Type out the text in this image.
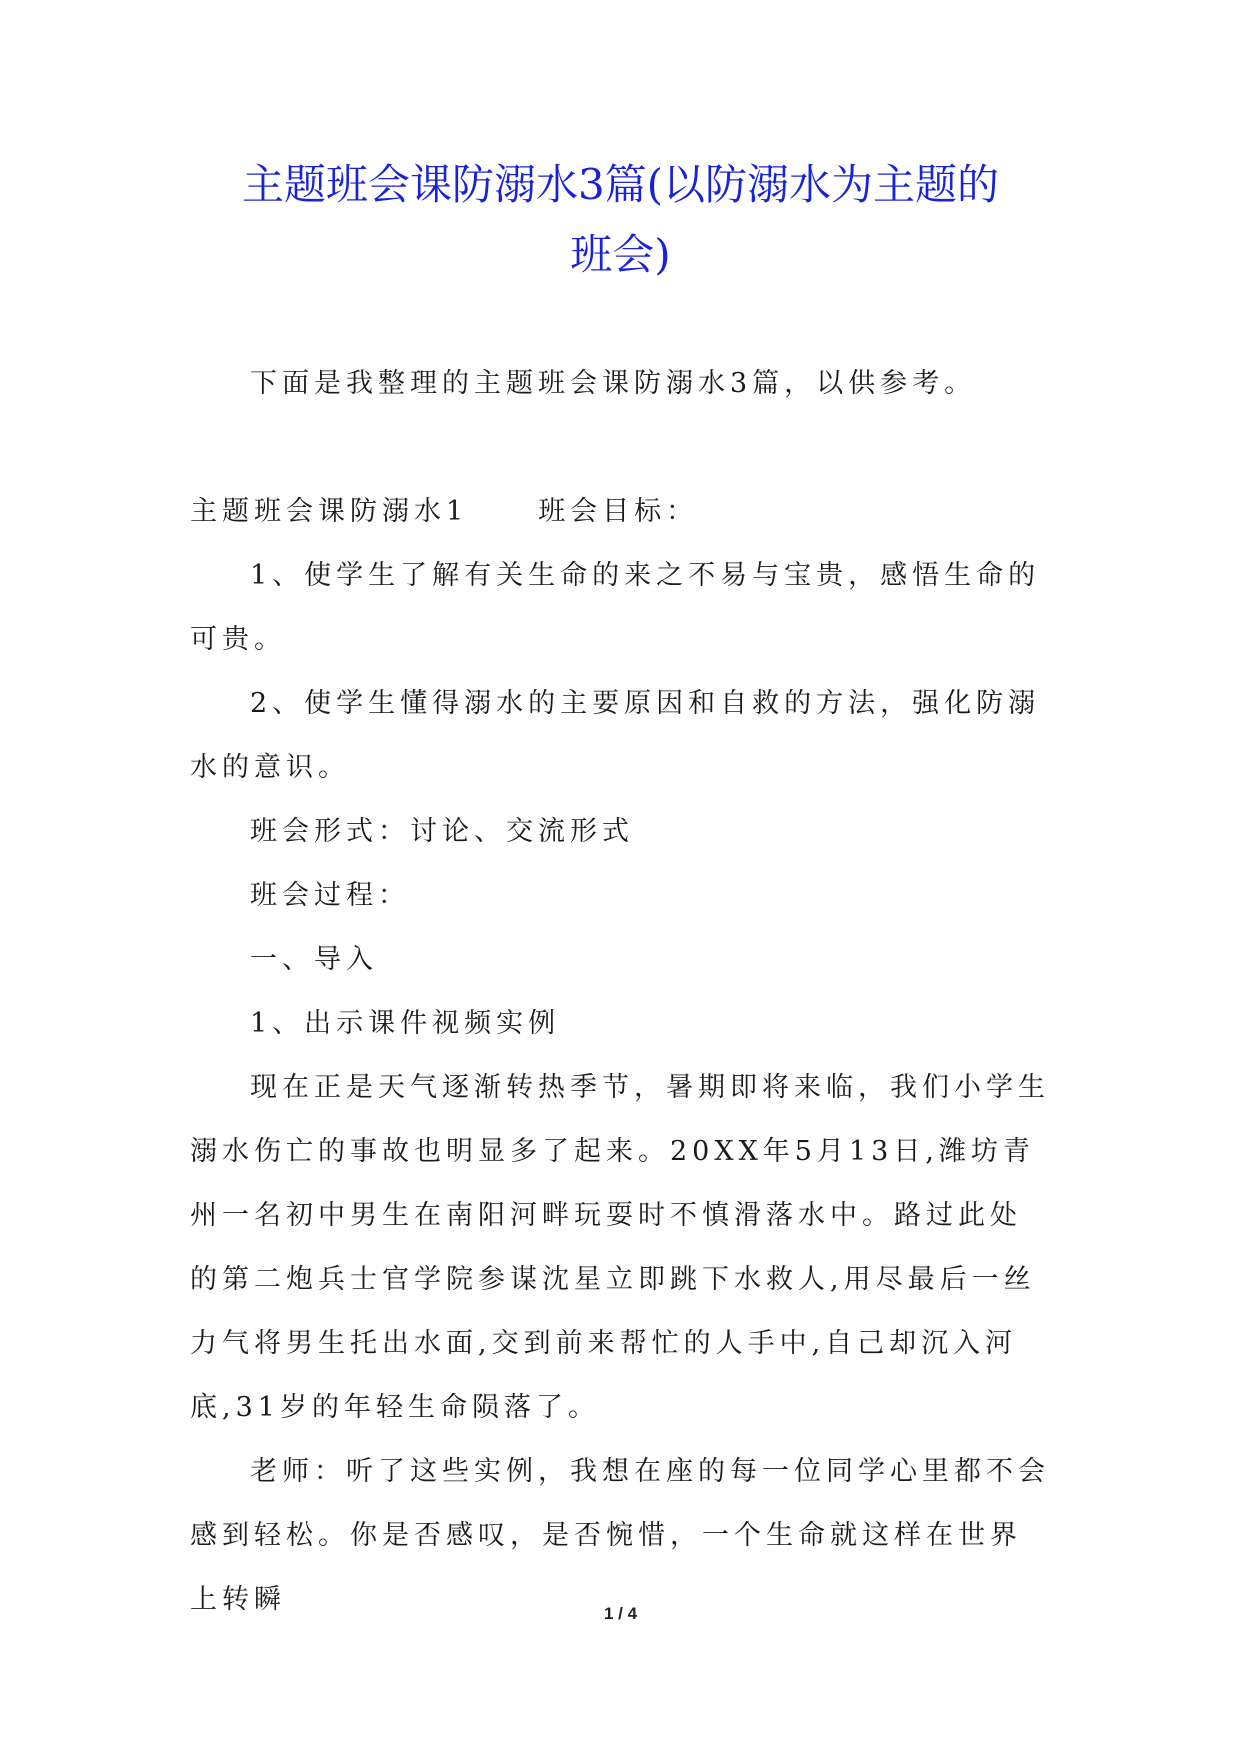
主题班会课防溺水3篇(以防溺水为主题的
班会)

下面是我整理的主题班会课防溺水3篇，以供参考。

主题班会课防溺水1	班会目标：

1、使学生了解有关生命的来之不易与宝贵，感悟生命的可贵。

2、使学生懂得溺水的主要原因和自救的方法，强化防溺水的意识。

班会形式：讨论、交流形式

班会过程：

一、导入

1、出示课件视频实例

现在正是天气逐渐转热季节，暑期即将来临，我们小学生溺水伤亡的事故也明显多了起来。20XX年5月13日,潍坊青州一名初中男生在南阳河畔玩耍时不慎滑落水中。路过此处的第二炮兵士官学院参谋沈星立即跳下水救人,用尽最后一丝力气将男生托出水面,交到前来帮忙的人手中,自己却沉入河底,31岁的年轻生命陨落了。

老师：听了这些实例，我想在座的每一位同学心里都不会感到轻松。你是否感叹，是否惋惜，一个生命就这样在世界上转瞬	1 / 4
